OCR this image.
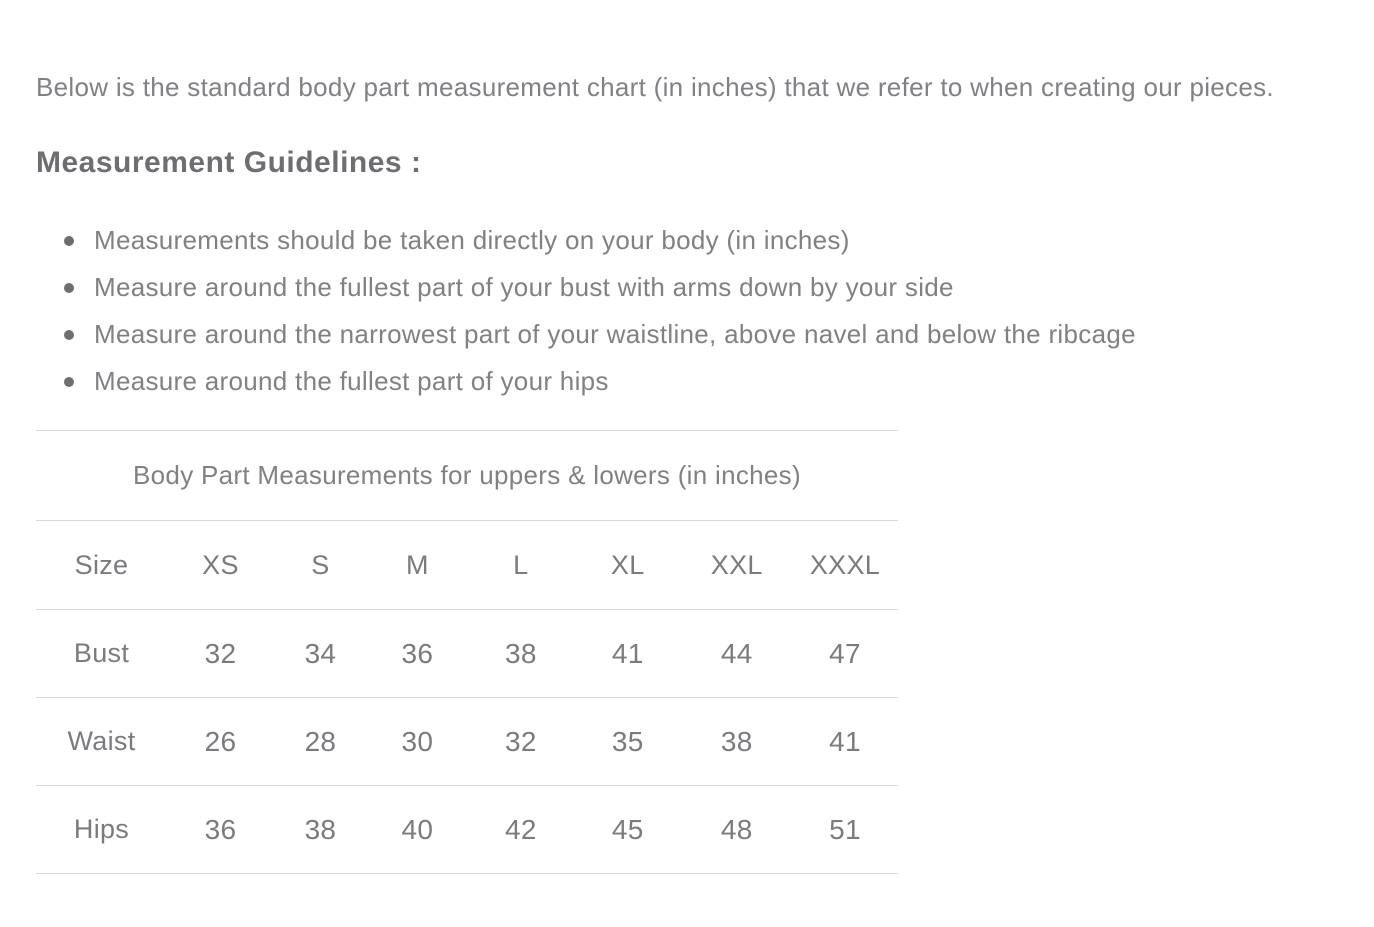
Below is the standard body part measurement chart (in inches) that we refer to when creating our pieces.

Measurement Guidelines :
Measurements should be taken directly on your body (in inches)
Measure around the fullest part of your bust with arms down by your side
Measure around the narrowest part of your waistline, above navel and below the ribcage
Measure around the fullest part of your hips
Body Part Measurements for uppers & lowers (in inches)							
Size	XS	S	M	L	XL	XXL	XXXL
Bust	32	34	36	38	41	44	47
Waist	26	28	30	32	35	38	41
Hips	36	38	40	42	45	48	51
